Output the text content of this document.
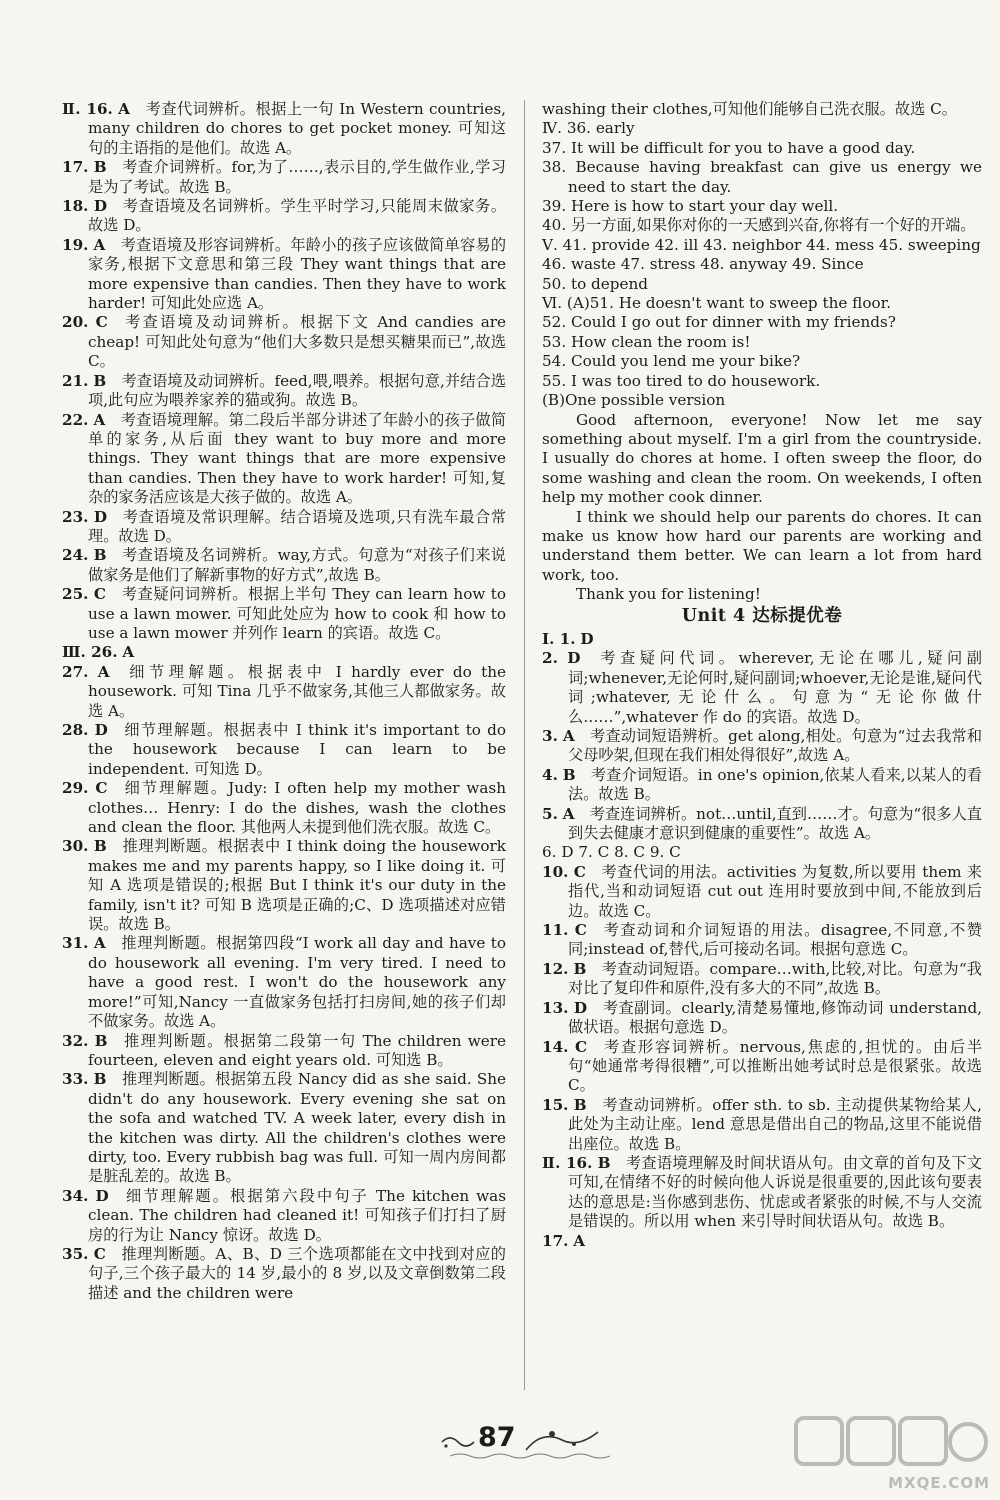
Ⅱ. 16. A  考查代词辨析。根据上一句 In Western countries, many children do chores to get pocket money. 可知这句的主语指的是他们。故选 A。

17. B  考查介词辨析。for,为了……,表示目的,学生做作业,学习是为了考试。故选 B。

18. D  考查语境及名词辨析。学生平时学习,只能周末做家务。故选 D。

19. A  考查语境及形容词辨析。年龄小的孩子应该做简单容易的家务,根据下文意思和第三段 They want things that are more expensive than candies. Then they have to work harder! 可知此处应选 A。

20. C  考查语境及动词辨析。根据下文 And candies are cheap! 可知此处句意为“他们大多数只是想买糖果而已”,故选 C。

21. B  考查语境及动词辨析。feed,喂,喂养。根据句意,并结合选项,此句应为喂养家养的猫或狗。故选 B。

22. A  考查语境理解。第二段后半部分讲述了年龄小的孩子做简单的家务,从后面 they want to buy more and more things. They want things that are more expensive than candies. Then they have to work harder! 可知,复杂的家务活应该是大孩子做的。故选 A。

23. D  考查语境及常识理解。结合语境及选项,只有洗车最合常理。故选 D。

24. B  考查语境及名词辨析。way,方式。句意为“对孩子们来说做家务是他们了解新事物的好方式”,故选 B。

25. C  考查疑问词辨析。根据上半句 They can learn how to use a lawn mower. 可知此处应为 how to cook 和 how to use a lawn mower 并列作 learn 的宾语。故选 C。

Ⅲ. 26. A 

27. A  细节理解题。根据表中 I hardly ever do the housework. 可知 Tina 几乎不做家务,其他三人都做家务。故选 A。

28. D  细节理解题。根据表中 I think it's important to do the housework because I can learn to be independent. 可知选 D。

29. C  细节理解题。Judy: I often help my mother wash clothes… Henry: I do the dishes, wash the clothes and clean the floor. 其他两人未提到他们洗衣服。故选 C。

30. B  推理判断题。根据表中 I think doing the housework makes me and my parents happy, so I like doing it. 可知 A 选项是错误的;根据 But I think it's our duty in the family, isn't it? 可知 B 选项是正确的;C、D 选项描述对应错误。故选 B。

31. A  推理判断题。根据第四段“I work all day and have to do housework all evening. I'm very tired. I need to have a good rest. I won't do the housework any more!”可知,Nancy 一直做家务包括打扫房间,她的孩子们却不做家务。故选 A。

32. B  推理判断题。根据第二段第一句 The children were fourteen, eleven and eight years old. 可知选 B。

33. B  推理判断题。根据第五段 Nancy did as she said. She didn't do any housework. Every evening she sat on the sofa and watched TV. A week later, every dish in the kitchen was dirty. All the children's clothes were dirty, too. Every rubbish bag was full. 可知一周内房间都是脏乱差的。故选 B。

34. D  细节理解题。根据第六段中句子 The kitchen was clean. The children had cleaned it! 可知孩子们打扫了厨房的行为让 Nancy 惊讶。故选 D。

35. C  推理判断题。A、B、D 三个选项都能在文中找到对应的句子,三个孩子最大的 14 岁,最小的 8 岁,以及文章倒数第二段描述 and the children were

washing their clothes,可知他们能够自己洗衣服。故选 C。

Ⅳ. 36. early

37. It will be difficult for you to have a good day.

38. Because having breakfast can give us energy we need to start the day.

39. Here is how to start your day well.

40. 另一方面,如果你对你的一天感到兴奋,你将有一个好的开端。

Ⅴ. 41. provide 42. ill 43. neighbor 44. mess 45. sweeping

46. waste 47. stress 48. anyway 49. Since

50. to depend

Ⅵ. (A)51. He doesn't want to sweep the floor.

52. Could I go out for dinner with my friends?

53. How clean the room is!

54. Could you lend me your bike?

55. I was too tired to do housework.

(B)One possible version

Good afternoon, everyone! Now let me say something about myself. I'm a girl from the countryside. I usually do chores at home. I often sweep the floor, do some washing and clean the room. On weekends, I often help my mother cook dinner.

I think we should help our parents do chores. It can make us know how hard our parents are working and understand them better. We can learn a lot from hard work, too.

Thank you for listening!

Unit 4 达标提优卷

Ⅰ. 1. D 

2. D  考查疑问代词。wherever,无论在哪儿,疑问副词;whenever,无论何时,疑问副词;whoever,无论是谁,疑问代词;whatever,无论什么。句意为“无论你做什么……”,whatever 作 do 的宾语。故选 D。

3. A  考查动词短语辨析。get along,相处。句意为“过去我常和父母吵架,但现在我们相处得很好”,故选 A。

4. B  考查介词短语。in one's opinion,依某人看来,以某人的看法。故选 B。

5. A  考查连词辨析。not…until,直到……才。句意为“很多人直到失去健康才意识到健康的重要性”。故选 A。

6. D 7. C 8. C 9. C

10. C  考查代词的用法。activities 为复数,所以要用 them 来指代,当和动词短语 cut out 连用时要放到中间,不能放到后边。故选 C。

11. C  考查动词和介词短语的用法。disagree,不同意,不赞同;instead of,替代,后可接动名词。根据句意选 C。

12. B  考查动词短语。compare…with,比较,对比。句意为“我对比了复印件和原件,没有多大的不同”,故选 B。

13. D  考查副词。clearly,清楚易懂地,修饰动词 understand,做状语。根据句意选 D。

14. C  考查形容词辨析。nervous,焦虑的,担忧的。由后半句“她通常考得很糟”,可以推断出她考试时总是很紧张。故选 C。

15. B  考查动词辨析。offer sth. to sb. 主动提供某物给某人,此处为主动让座。lend 意思是借出自己的物品,这里不能说借出座位。故选 B。

Ⅱ. 16. B  考查语境理解及时间状语从句。由文章的首句及下文可知,在情绪不好的时候向他人诉说是很重要的,因此该句要表达的意思是:当你感到悲伤、忧虑或者紧张的时候,不与人交流是错误的。所以用 when 来引导时间状语从句。故选 B。

17. A 

87
MXQE.COM
